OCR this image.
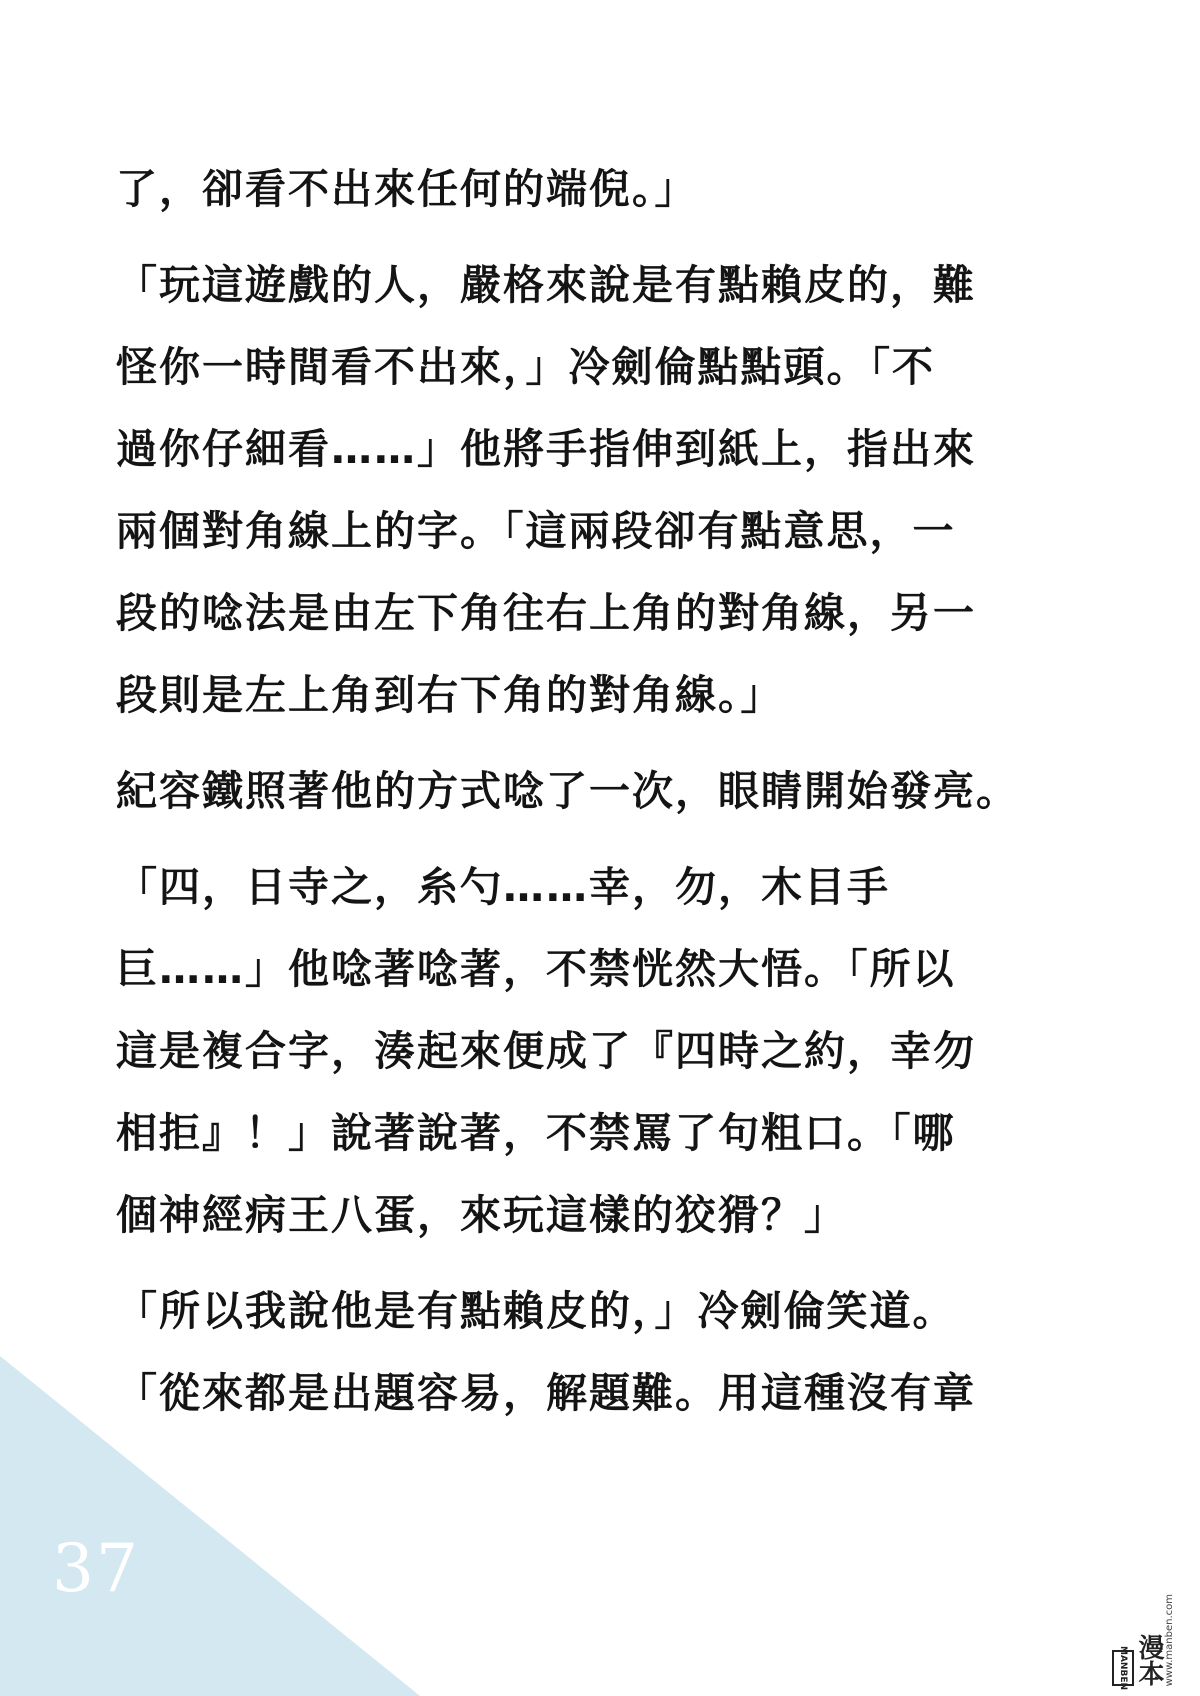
37
了，卻看不出來任何的端倪。」
「玩這遊戲的人，嚴格來說是有點賴皮的，難
怪你一時間看不出來，」冷劍倫點點頭。「不
過你仔細看……」他將手指伸到紙上，指出來
兩個對角線上的字。「這兩段卻有點意思，一
段的唸法是由左下角往右上角的對角線，另一
段則是左上角到右下角的對角線。」
紀容鐵照著他的方式唸了一次，眼睛開始發亮。
「四，日寺之，糸勺……幸，勿，木目手
巨……」他唸著唸著，不禁恍然大悟。「所以
這是複合字，湊起來便成了『四時之約，幸勿
相拒』！」說著說著，不禁罵了句粗口。「哪
個神經病王八蛋，來玩這樣的狡猾？」
「所以我說他是有點賴皮的，」冷劍倫笑道。
「從來都是出題容易，解題難。用這種沒有章
MANBEN 漫本 www.manben.com
